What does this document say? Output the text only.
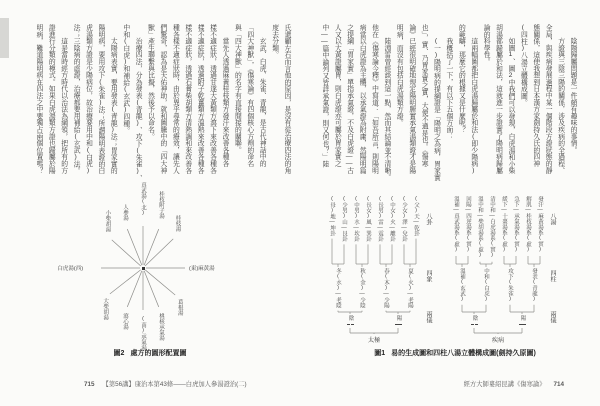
　　陰陽歸屬問題是一件頗有趣味的事情。
　　方證與三陰三陽的關係，涉及疾病的全過程、
全局，與疾病發展過程中某一個階段方證狀態的靜
態關係，這使我想到日本漢方家劍持久氏的四神
(四柱)八湯立體構成圖。
　　如圖1、圖2中我們可以發現，白虎湯和小柴
胡湯都歸屬於和法，這就進一步證實了陽明病歸屬
論的科學性。
　　這兩幅圖都把白虎湯歸屬於和法(即少陽病)
的範疇，那麼它的根據又是什麼呢？
　　我概括了一下，有以下五個方面：
　　(一)陽明病的提綱證是「陽明之為病，胃家實
也」，實、乃胃家實之實，大便不通是也。《傷寒
論》已經很明確地規定陽明腑實承氣湯類證才是陽
明病，而沒有包括白虎湯類方證。
　　陸淵雷曾經談到這一點，然而其結論並不清晰。
他在《傷寒論今釋》中寫道：「如吾所言，則陽明
病當以白虎證為主體，以承氣證為附庸，然陽明篇
之提綱「胃家實」單指承氣證，不及白虎證——古
人又以大黃證屬胃，則白虎證亦可屬於胃家實之
中——篇中論列又皆詳承氣證，則又何也？」陸
氏還顧左右而言他的原因，是沒有從治療四法的角
度去分類。
　　玄武、白虎、朱雀、青龍，是古代神話中的
「四大神獸」，《傷寒論》有四個核心方劑的命名
與「四大神獸」的名字有直接間接的關聯。
　　當先人透過麻黃桂枝類方發汗來改善各種各
樣不適症狀，透過甘遂大黃類方瀉下來改善各種各
樣不適症狀，透過附子乾薑類方溫熱來改善各種各
樣不適症狀，透過石膏柴胡類方清熱調和來改善各
種各樣不適症狀時，由於異乎尋常的療效，讓先人
們驚奇，認為是天佑神助，就和圖騰中的「四大神
獸」產生聯繫與比擬，然後予以命名。
　　治療四法，分為發表(青龍)、攻下(朱雀)、
中和(白虎)和補給(玄武)四種。
　　太陽病表實，要用發表(青龍)法；胃家實的
陽明病，要用攻下(朱雀)法；所謂陽明表證的白
虎湯類方證是少陽病位，故治療要用中和(白虎)
法；三陰病的虛證，治療都要用補給(玄武)法。
　　這是當時經方時代以治法為綱領，把所有的方
證進行分類的模式。如果白虎湯類方證也歸屬於陽
明病，難道陽明病在四法之中要獨占兩個位置嗎？
圖1 易的生成圖和四柱八湯立體構成圖(劍持久原圖)
圖2 處方的圓形配置圖
715 【第56講】康治本第43條——白虎加人參湯證治(二)	經方大師婁紹昆講《傷寒論》 714
真武湯(北) 桂枝附子湯
桂枝湯
(東)麻黃湯
葛根湯
桃核承氣湯
(南)承氣湯
瀉心湯
大柴胡湯
白虎湯(西)
小柴胡湯 人參湯	發汗—麻黃湯系(實)
解肌—桂枝湯系(虛)
急下—承氣湯系(實)
緩下—十棗湯系(虛)
清中和—白虎湯系(實)
溫中和—柴胡湯系(虛)
回陽—四逆湯系(實)
溫補—真武湯系(虛)
發表(青龍)
攻下(朱雀)
中和(白虎)
溫補(玄武)
陽
陰
疾病
八湯
四柱
兩儀
(父)天—乾卦
(少女)澤—兌卦
(中女)火—離卦
(長男)雷—震卦
(長女)風—巽卦
(中男)水—坎卦
(少男)山—艮卦
(母)地—坤卦
夏(火)—老陽
春(木)—少陽
秋(金)—少陰
冬(水)—老陰
陽
陰
太極
八卦
四象
兩儀
